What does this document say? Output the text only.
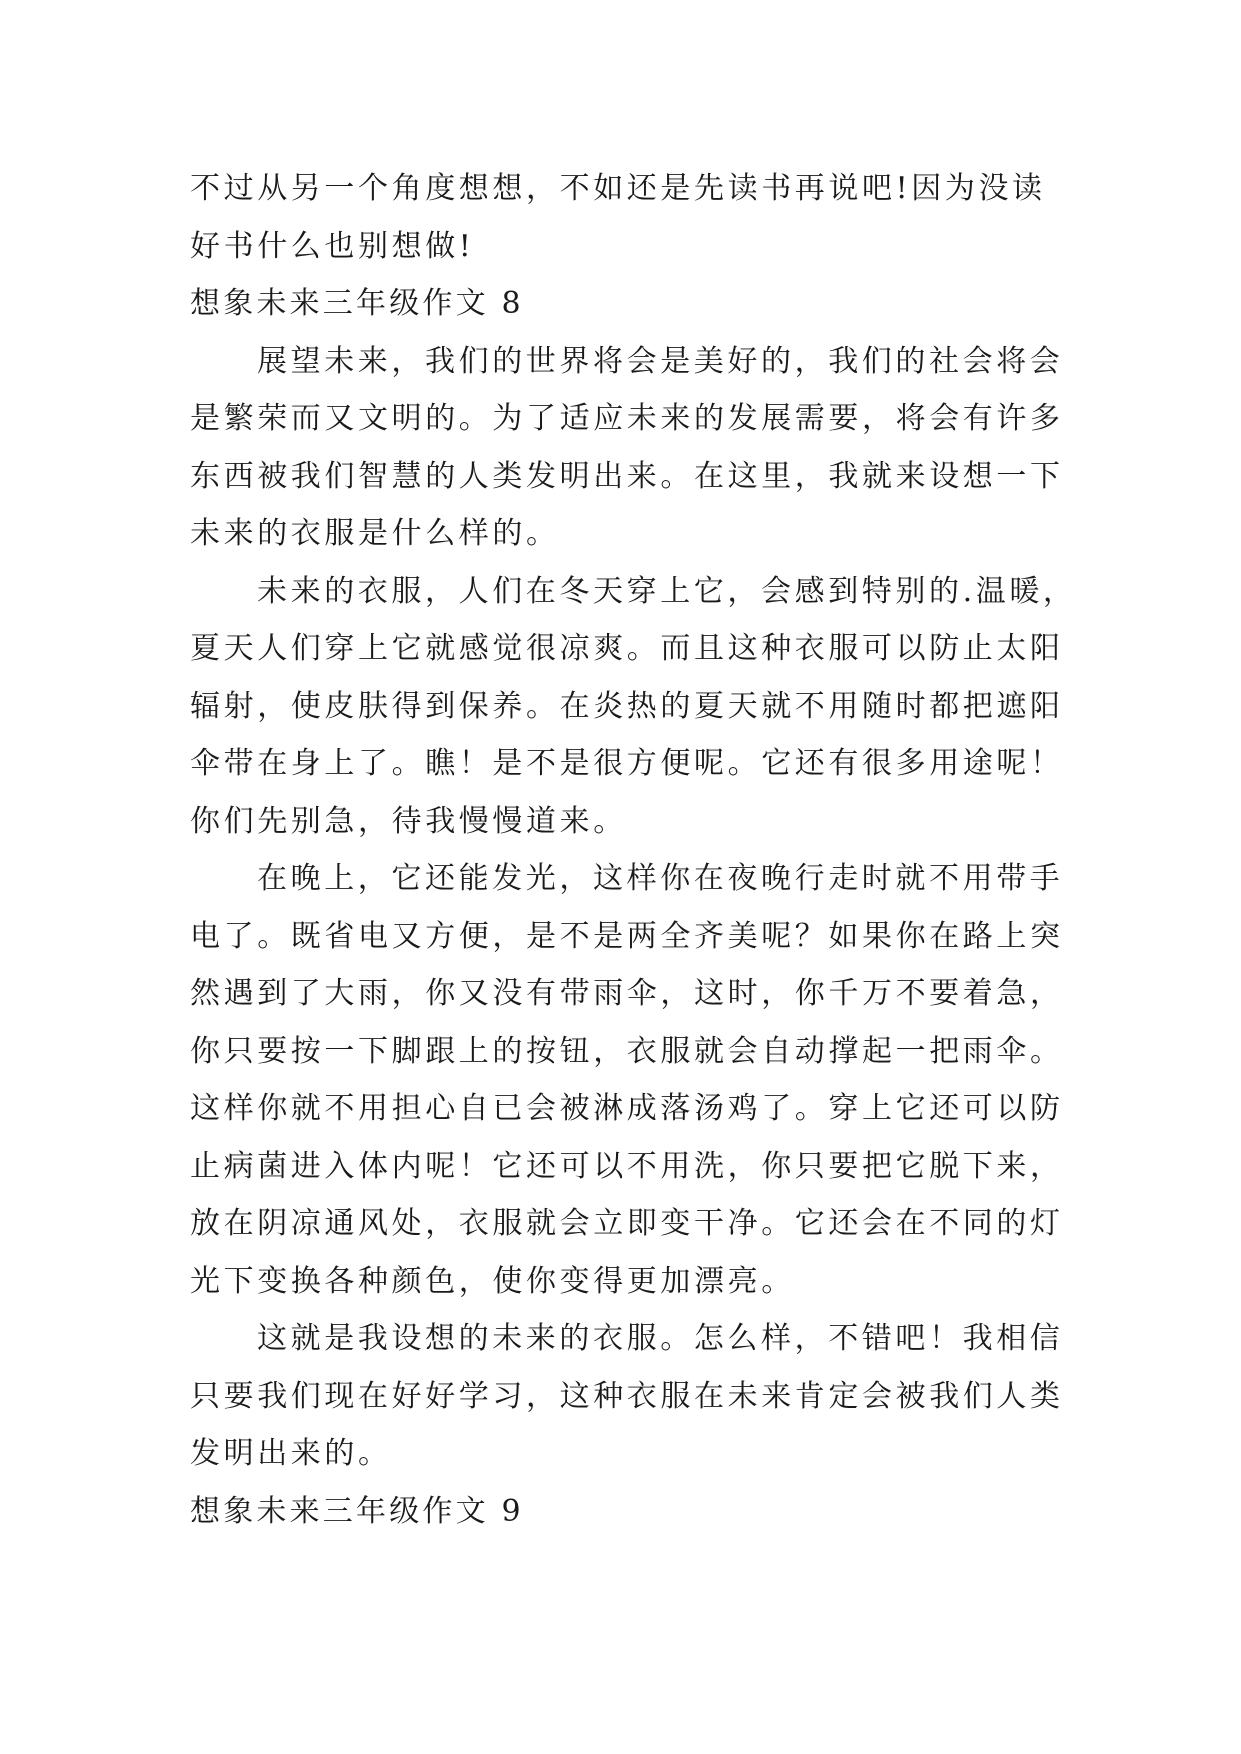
不过从另一个角度想想，不如还是先读书再说吧!因为没读

好书什么也别想做!

想象未来三年级作文 8

展望未来，我们的世界将会是美好的，我们的社会将会

是繁荣而又文明的。为了适应未来的发展需要，将会有许多

东西被我们智慧的人类发明出来。在这里，我就来设想一下

未来的衣服是什么样的。

未来的衣服，人们在冬天穿上它，会感到特别的.温暖，

夏天人们穿上它就感觉很凉爽。而且这种衣服可以防止太阳

辐射，使皮肤得到保养。在炎热的夏天就不用随时都把遮阳

伞带在身上了。瞧！是不是很方便呢。它还有很多用途呢！

你们先别急，待我慢慢道来。

在晚上，它还能发光，这样你在夜晚行走时就不用带手

电了。既省电又方便，是不是两全齐美呢？如果你在路上突

然遇到了大雨，你又没有带雨伞，这时，你千万不要着急，

你只要按一下脚跟上的按钮，衣服就会自动撑起一把雨伞。

这样你就不用担心自已会被淋成落汤鸡了。穿上它还可以防

止病菌进入体内呢！它还可以不用洗，你只要把它脱下来，

放在阴凉通风处，衣服就会立即变干净。它还会在不同的灯

光下变换各种颜色，使你变得更加漂亮。

这就是我设想的未来的衣服。怎么样，不错吧！我相信

只要我们现在好好学习，这种衣服在未来肯定会被我们人类

发明出来的。

想象未来三年级作文 9
